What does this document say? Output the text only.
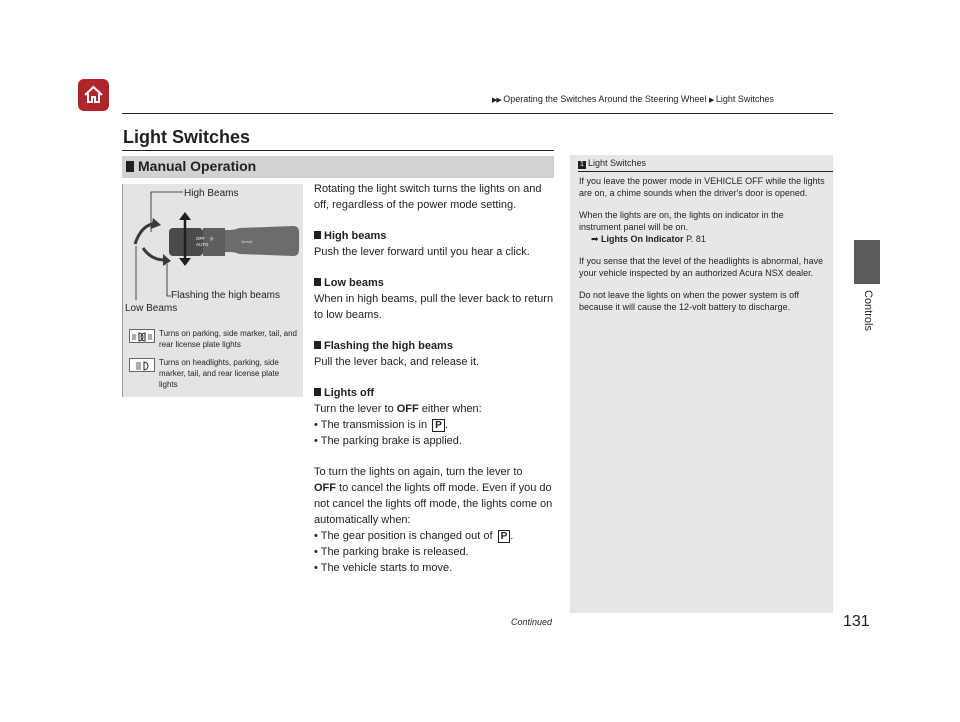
▶▶ Operating the Switches Around the Steering Wheel ▶ Light Switches
Controls
Light Switches
Manual Operation
OFF
AUTO
☼	⇦⇨
High Beams
Flashing the high beams
Low Beams
Turns on parking, side marker, tail, and rear license plate lights
Turns on headlights, parking, side marker, tail, and rear license plate lights

Rotating the light switch turns the lights on and off, regardless of the power mode setting.

High beams

Push the lever forward until you hear a click.

Low beams

When in high beams, pull the lever back to return to low beams.

Flashing the high beams

Pull the lever back, and release it.

Lights off

Turn the lever to OFF either when:

• The transmission is in P .

• The parking brake is applied.

To turn the lights on again, turn the lever to
OFF to cancel the lights off mode. Even if you do not cancel the lights off mode, the lights come on automatically when:

• The gear position is changed out of P .

• The parking brake is released.

• The vehicle starts to move.

1 Light Switches

If you leave the power mode in VEHICLE OFF while the lights are on, a chime sounds when the driver's door is opened.

When the lights are on, the lights on indicator in the instrument panel will be on.
➡ Lights On Indicator P. 81

If you sense that the level of the headlights is abnormal, have your vehicle inspected by an authorized Acura NSX dealer.

Do not leave the lights on when the power system is off because it will cause the 12-volt battery to discharge.

Continued	131
